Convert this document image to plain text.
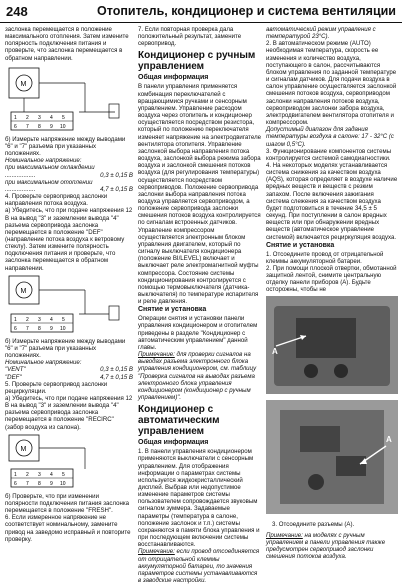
248	Отопитель, кондиционер и система вентиляции

заслонка перемещается в положение максимального отопления. Затем измените полярность подключения питания и проверьте, что заслонка перемещается в обратном направлении.

M
1 2 3 4 5
6 7 8 9 10

б) Измерьте напряжение между выводами "6" и "7" разъема при указанных положениях.

Номинальное напряжение:

при максимальном охлаждении

..................	0,3 ± 0,15 В

при максимальном отоплении

..................	4,7 ± 0,15 В

4. Проверьте сервопривод заслонки направления потока воздуха.

а) Убедитесь, что при подаче напряжения 12 В на вывод "3" и заземлении вывода "4" разъема сервопривода заслонка перемещается в положение "DEF" (направление потока воздуха к ветровому стеклу). Затем измените полярность подключения питания и проверьте, что заслонка перемещается в обратном направлении.

M
1 2 3 4 5
6 7 8 9 10

б) Измерьте напряжение между выводами "6" и "7" разъема при указанных положениях.

Номинальное напряжение:

"VENT"	0,3 ± 0,15 В
"DEF"	4,7 ± 0,15 В

5. Проверьте сервопривод заслонки рециркуляции.

а) Убедитесь, что при подаче напряжения 12 В на вывод "3" и заземлении вывода "4" разъема сервопривода заслонка перемещается в положение "RECIRC" (забор воздуха из салона).

M
1 2 3 4 5
6 7 8 9 10

б) Проверьте, что при изменении полярности подключения питания заслонка перемещается в положение "FRESH".

6. Если измеренное напряжение не соответствует номинальному, замените привод на заведомо исправный и повторите проверку.

7. Если повторная проверка дала положительный результат, замените сервопривод.

Кондиционер с ручным управлением
Общая информация

В панели управления применяется комбинация переключателей с вращающимися ручками и сенсорным управлением. Управление расходом воздуха через отопитель и кондиционер осуществляется посредством резистора, который по положению переключателя изменяет напряжение на электродвигателе вентилятора отопителя. Управление заслонкой выбора направления потока воздуха, заслонкой выбора режима забора воздуха и заслонкой смешения потоков воздуха (для регулирования температуры) осуществляется посредством сервоприводов. Положение сервопривода заслонки выбора направления потока воздуха управляется сервоприводом, а положение сервопривода заслонки смешения потоков воздуха контролируется по сигналам встроенных датчиков. Управление компрессором осуществляется электронным блоком управления двигателем, который по сигналу выключателя кондиционера (положение BI/LEVEL) включает и выключает реле электромагнитной муфты компрессора. Состояние системы кондиционирования контролируется с помощью термовыключателя (датчика-выключателя) по температуре испарителя и реле давления.

Снятие и установка

Операции снятия и установки панели управления кондиционером и отопителем приведены в разделе "Кондиционер с автоматическим управлением" данной главы.

Примечание: для проверки сигналов на выводах разъема электронного блока управления кондиционером, см. таблицу "Проверка сигналов на выводах разъема электронного блока управления кондиционером (кондиционер с ручным управлением)".

Кондиционер с автоматическим управлением
Общая информация

1. В панели управления кондиционером применяются выключатели с сенсорным управлением. Для отображения информации о параметрах системы используется жидкокристаллический дисплей. Выбрав или недопустимое изменение параметров системы пользователем сопровождается звуковым сигналом зуммера. Задаваемые параметры (температура в салоне, положение заслонок и т.п.) системы сохраняются в памяти блока управления и при последующем включении системы восстанавливаются.

Примечание: если провод отсоединяется от отрицательной клеммы аккумуляторной батареи, то значения параметров системы устанавливаются в заводские настройки.

автоматический режим управления с температурой 23°C).

2. В автоматическом режиме (AUTO) необходимая температура, скорость ее изменения и количество воздуха, поступающего в салон, рассчитываются блоком управления по заданной температуре и сигналам датчиков. Для подачи воздуха в салон управление осуществляется заслонкой смешения потоков воздуха, сервоприводом заслонки направления потоков воздуха, сервоприводом заслонки забора воздуха, электродвигателем вентилятора отопителя и компрессором.

Допустимый диапазон для задания температуры воздуха в салоне: 17 - 32°C (с шагом 0,5°C).

3. Функционирование компонентов системы контролируется системой самодиагностики.

4. На некоторых моделях устанавливается система снижения за качеством воздуха (AQS), которая определяет в воздухе наличие вредных веществ и веществ с резким запахом. После включения зажигания система слежения за качеством воздуха будет подготовиться в течение 34,5 ± 5 секунд. При поступлении в салон вредных веществ или при обнаружении вредных веществ (автоматическое управление системой) включается рециркуляция воздуха.

Снятие и установка

1. Отсоедините провод от отрицательной клеммы аккумуляторной батареи.

2. При помощи плоской отвертки, обмотанной защитной лентой, снимите центральную отделку панели приборов (А). Будьте осторожны, чтобы не

A
A
3. Отсоедините разъемы (А).
Примечание: на моделях с ручным управлением в панели управления также предусмотрен сервопривод заслонки смешения потоков воздуха.
